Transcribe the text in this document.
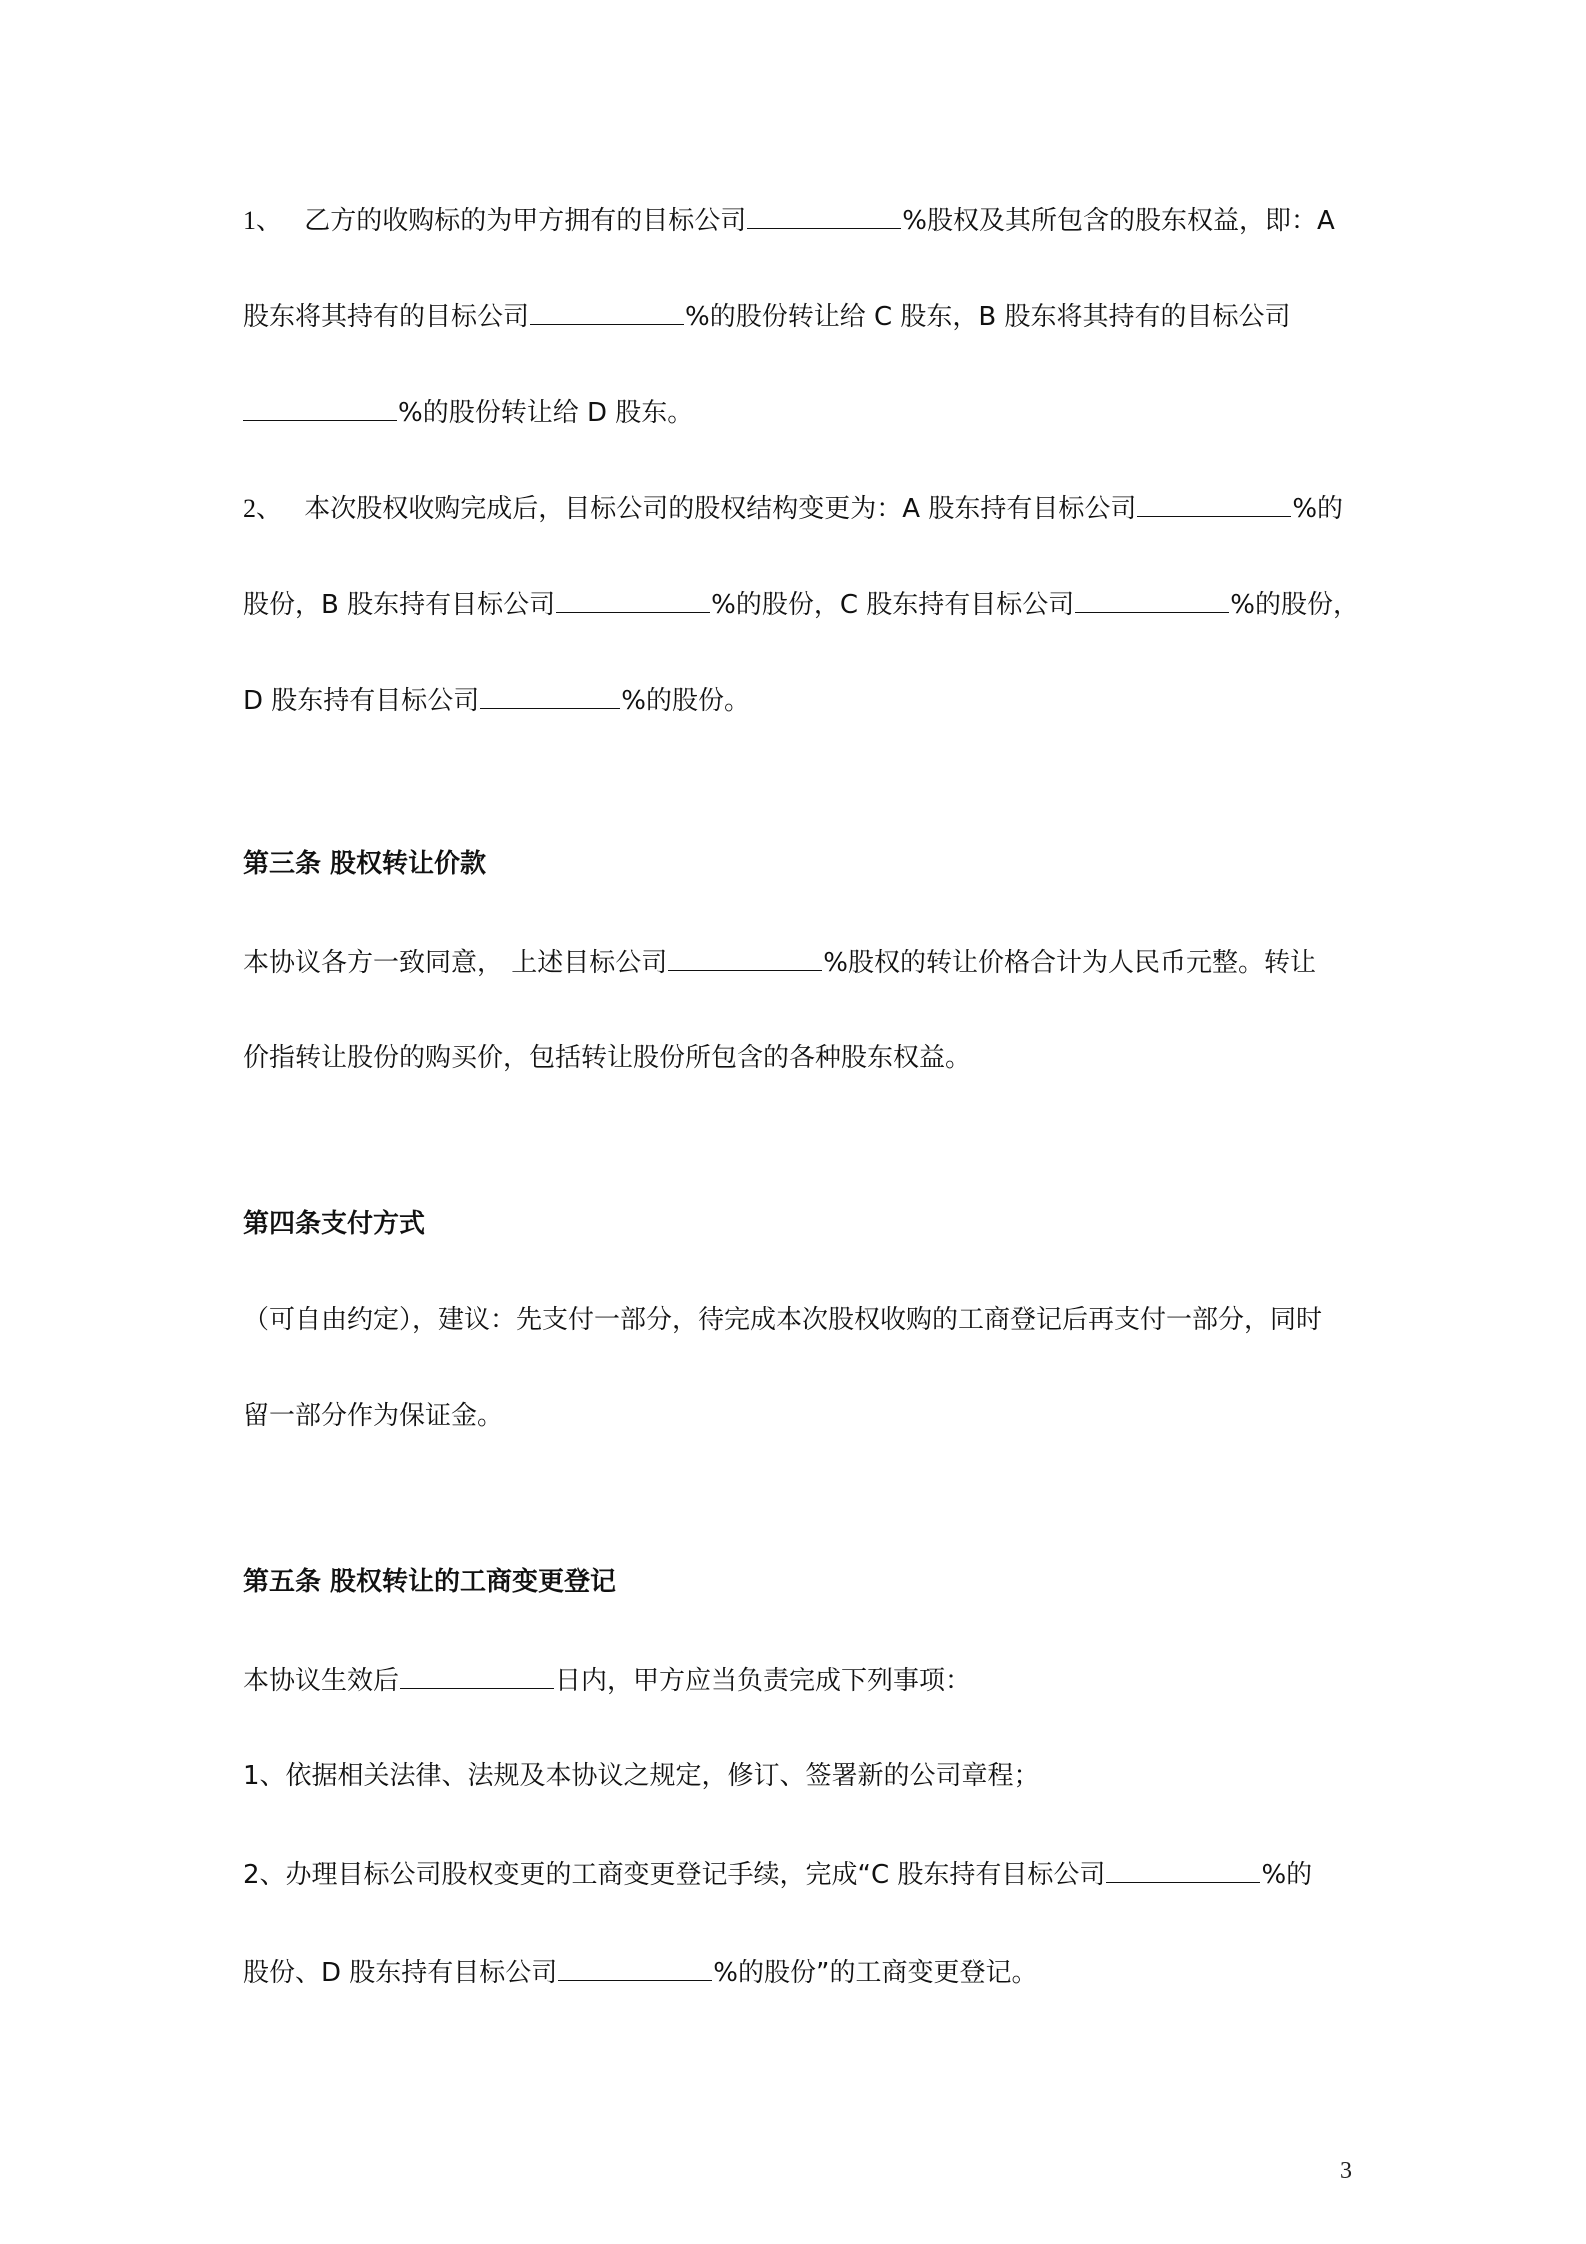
1、 乙方的收购标的为甲方拥有的目标公司	%股权及其所包含的股东权益，即：A
股东将其持有的目标公司	%的股份转让给 C 股东，B 股东将其持有的目标公司
%的股份转让给 D 股东。
2、 本次股权收购完成后，目标公司的股权结构变更为：A 股东持有目标公司	%的
股份，B 股东持有目标公司	%的股份，C 股东持有目标公司	%的股份，
D 股东持有目标公司	%的股份。
第三条 股权转让价款
本协议各方一致同意， 上述目标公司	%股权的转让价格合计为人民币元整。转让
价指转让股份的购买价，包括转让股份所包含的各种股东权益。
第四条支付方式
（可自由约定），建议：先支付一部分，待完成本次股权收购的工商登记后再支付一部分，同时
留一部分作为保证金。
第五条 股权转让的工商变更登记
本协议生效后	日内，甲方应当负责完成下列事项：
1、依据相关法律、法规及本协议之规定，修订、签署新的公司章程；
2、办理目标公司股权变更的工商变更登记手续，完成“C 股东持有目标公司	%的
股份、D 股东持有目标公司	%的股份”的工商变更登记。
3
